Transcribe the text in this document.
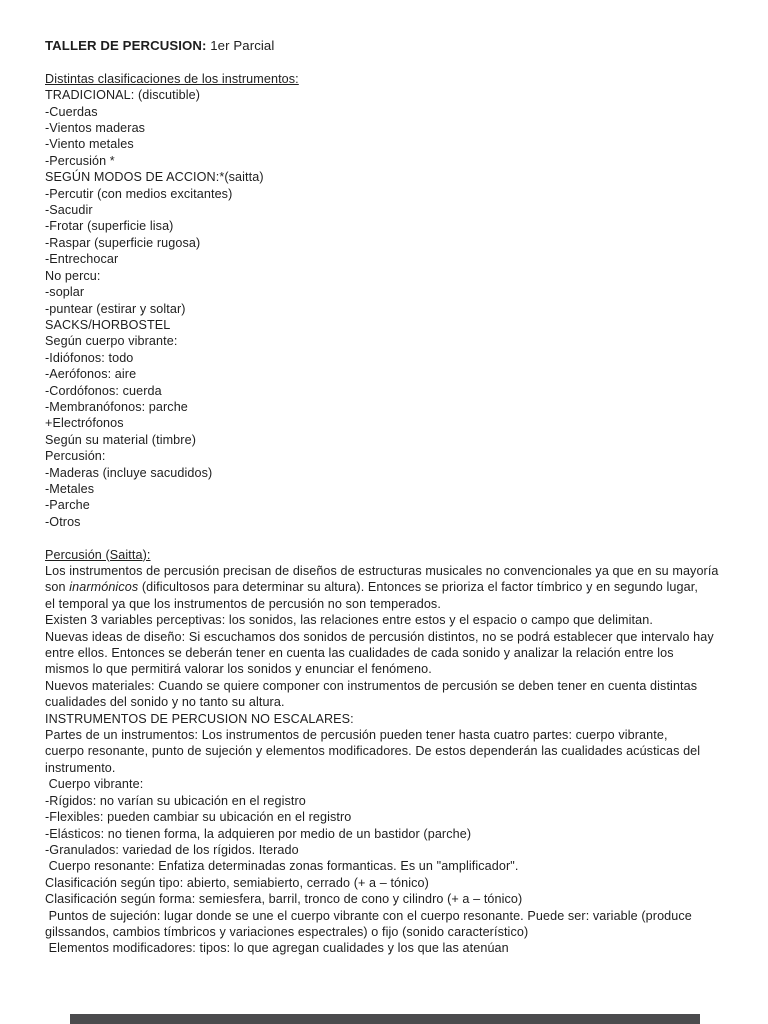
TALLER DE PERCUSION: 1er Parcial

Distintas clasificaciones de los instrumentos:
TRADICIONAL: (discutible)
-Cuerdas
-Vientos maderas
-Viento metales
-Percusión *
SEGÚN MODOS DE ACCION:*(saitta)
-Percutir (con medios excitantes)
-Sacudir
-Frotar (superficie lisa)
-Raspar (superficie rugosa)
-Entrechocar
No percu:
-soplar
-puntear (estirar y soltar)
SACKS/HORBOSTEL
Según cuerpo vibrante:
-Idiófonos: todo
-Aerófonos: aire
-Cordófonos: cuerda
-Membranófonos: parche
+Electrófonos
Según su material (timbre)
Percusión:
-Maderas (incluye sacudidos)
-Metales
-Parche
-Otros

Percusión (Saitta):
Los instrumentos de percusión precisan de diseños de estructuras musicales no convencionales ya que en su mayoría
son inarmónicos (dificultosos para determinar su altura). Entonces se prioriza el factor tímbrico y en segundo lugar,
el temporal ya que los instrumentos de percusión no son temperados.
Existen 3 variables perceptivas: los sonidos, las relaciones entre estos y el espacio o campo que delimitan.
Nuevas ideas de diseño: Si escuchamos dos sonidos de percusión distintos, no se podrá establecer que intervalo hay
entre ellos. Entonces se deberán tener en cuenta las cualidades de cada sonido y analizar la relación entre los
mismos lo que permitirá valorar los sonidos y enunciar el fenómeno.
Nuevos materiales: Cuando se quiere componer con instrumentos de percusión se deben tener en cuenta distintas
cualidades del sonido y no tanto su altura.
INSTRUMENTOS DE PERCUSION NO ESCALARES:
Partes de un instrumentos: Los instrumentos de percusión pueden tener hasta cuatro partes: cuerpo vibrante,
cuerpo resonante, punto de sujeción y elementos modificadores. De estos dependerán las cualidades acústicas del
instrumento.
Cuerpo vibrante:
-Rígidos: no varían su ubicación en el registro
-Flexibles: pueden cambiar su ubicación en el registro
-Elásticos: no tienen forma, la adquieren por medio de un bastidor (parche)
-Granulados: variedad de los rígidos. Iterado
Cuerpo resonante: Enfatiza determinadas zonas formanticas. Es un "amplificador".
Clasificación según tipo: abierto, semiabierto, cerrado (+ a – tónico)
Clasificación según forma: semiesfera, barril, tronco de cono y cilindro (+ a – tónico)
Puntos de sujeción: lugar donde se une el cuerpo vibrante con el cuerpo resonante. Puede ser: variable (produce
gilssandos, cambios tímbricos y variaciones espectrales) o fijo (sonido característico)
Elementos modificadores: tipos: lo que agregan cualidades y los que las atenúan
